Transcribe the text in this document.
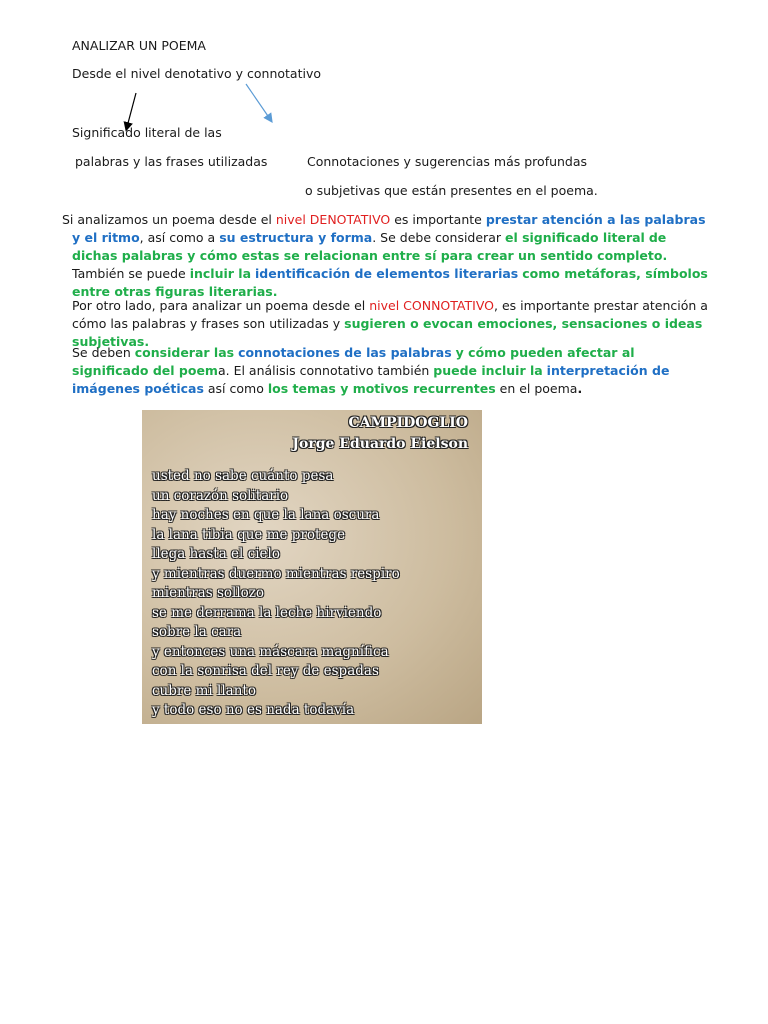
ANALIZAR UN POEMA
Desde el nivel denotativo y connotativo
Significado literal de las
palabras y las frases utilizadas	Connotaciones y sugerencias más profundas
o subjetivas que están presentes en el poema.

Si analizamos un poema desde el nivel DENOTATIVO es importante prestar atención a las palabras y el ritmo, así como a su estructura y forma. Se debe considerar el significado literal de dichas palabras y cómo estas se relacionan entre sí para crear un sentido completo. También se puede incluir la identificación de elementos literarias como metáforas, símbolos entre otras figuras literarias.

Por otro lado, para analizar un poema desde el nivel CONNOTATIVO, es importante prestar atención a cómo las palabras y frases son utilizadas y sugieren o evocan emociones, sensaciones o ideas subjetivas.

Se deben considerar las connotaciones de las palabras y cómo pueden afectar al significado del poema. El análisis connotativo también puede incluir la interpretación de imágenes poéticas así como los temas y motivos recurrentes en el poema.

CAMPIDOGLIO
Jorge Eduardo Eielson
usted no sabe cuánto pesa
un corazón solitario
hay noches en que la lana oscura
la lana tibia que me protege
llega hasta el cielo
y mientras duermo mientras respiro
mientras sollozo
se me derrama la leche hirviendo
sobre la cara
y entonces una máscara magnífica
con la sonrisa del rey de espadas
cubre mi llanto
y todo eso no es nada todavía
